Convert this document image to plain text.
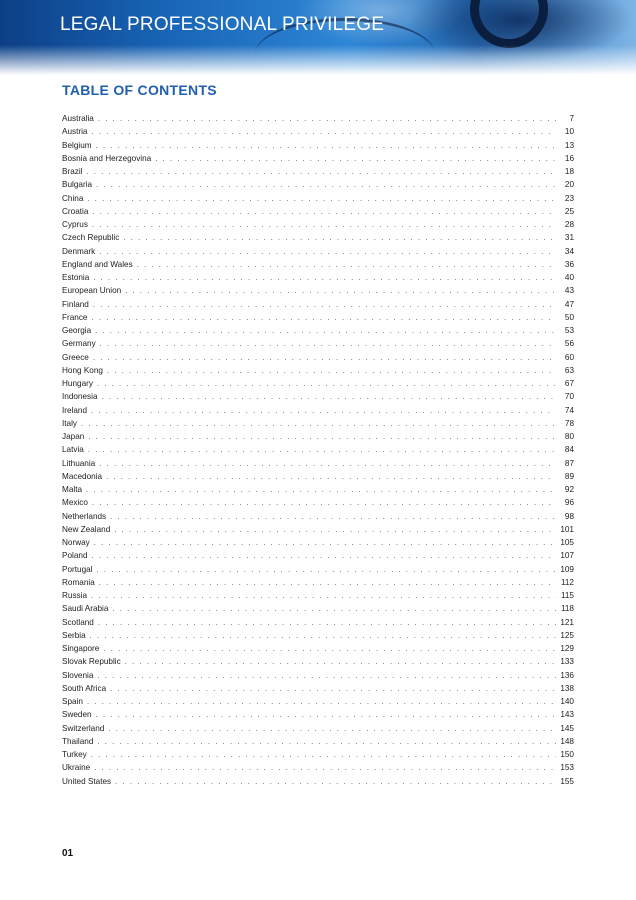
LEGAL PROFESSIONAL PRIVILEGE
TABLE OF CONTENTS
Australia . . .	7
Austria . . .	10
Belgium . . .	13
Bosnia and Herzegovina . . .	16
Brazil . . .	18
Bulgaria . . .	20
China . . .	23
Croatia . . .	25
Cyprus . . .	28
Czech Republic . . .	31
Denmark . . .	34
England and Wales . . .	36
Estonia . . .	40
European Union . . .	43
Finland . . .	47
France . . .	50
Georgia . . .	53
Germany . . .	56
Greece . . .	60
Hong Kong . . .	63
Hungary . . .	67
Indonesia . . .	70
Ireland . . .	74
Italy . . .	78
Japan . . .	80
Latvia . . .	84
Lithuania . . .	87
Macedonia . . .	89
Malta . . .	92
Mexico . . .	96
Netherlands . . .	98
New Zealand . . .	101
Norway . . .	105
Poland . . .	107
Portugal . . .	109
Romania . . .	112
Russia . . .	115
Saudi Arabia . . .	118
Scotland . . .	121
Serbia . . .	125
Singapore . . .	129
Slovak Republic . . .	133
Slovenia . . .	136
South Africa . . .	138
Spain . . .	140
Sweden . . .	143
Switzerland . . .	145
Thailand . . .	148
Turkey . . .	150
Ukraine . . .	153
United States . . .	155

01
